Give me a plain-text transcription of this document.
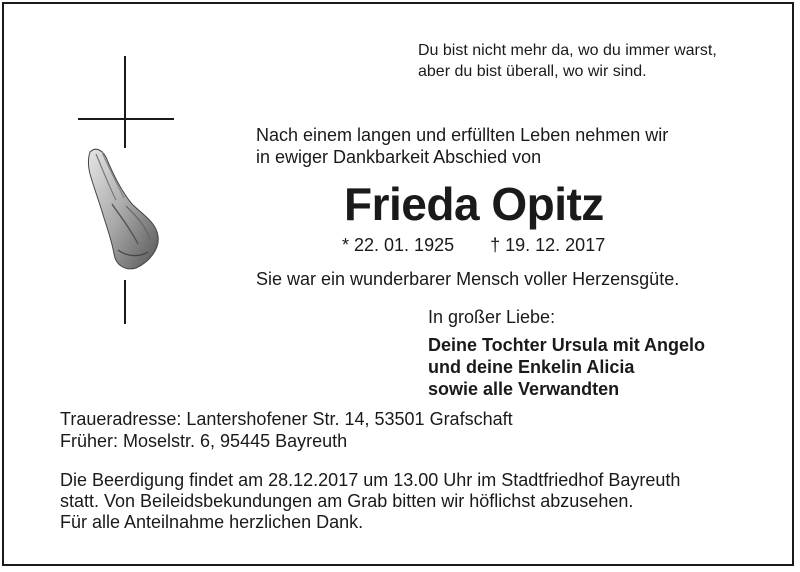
Du bist nicht mehr da, wo du immer warst,
aber du bist überall, wo wir sind.
Nach einem langen und erfüllten Leben nehmen wir
in ewiger Dankbarkeit Abschied von
Frieda Opitz
* 22. 01. 1925 † 19. 12. 2017
Sie war ein wunderbarer Mensch voller Herzensgüte.
In großer Liebe:
Deine Tochter Ursula mit Angelo
und deine Enkelin Alicia
sowie alle Verwandten
Traueradresse: Lantershofener Str. 14, 53501 Grafschaft
Früher: Moselstr. 6, 95445 Bayreuth
Die Beerdigung findet am 28.12.2017 um 13.00 Uhr im Stadtfriedhof Bayreuth
statt. Von Beileidsbekundungen am Grab bitten wir höflichst abzusehen.
Für alle Anteilnahme herzlichen Dank.
